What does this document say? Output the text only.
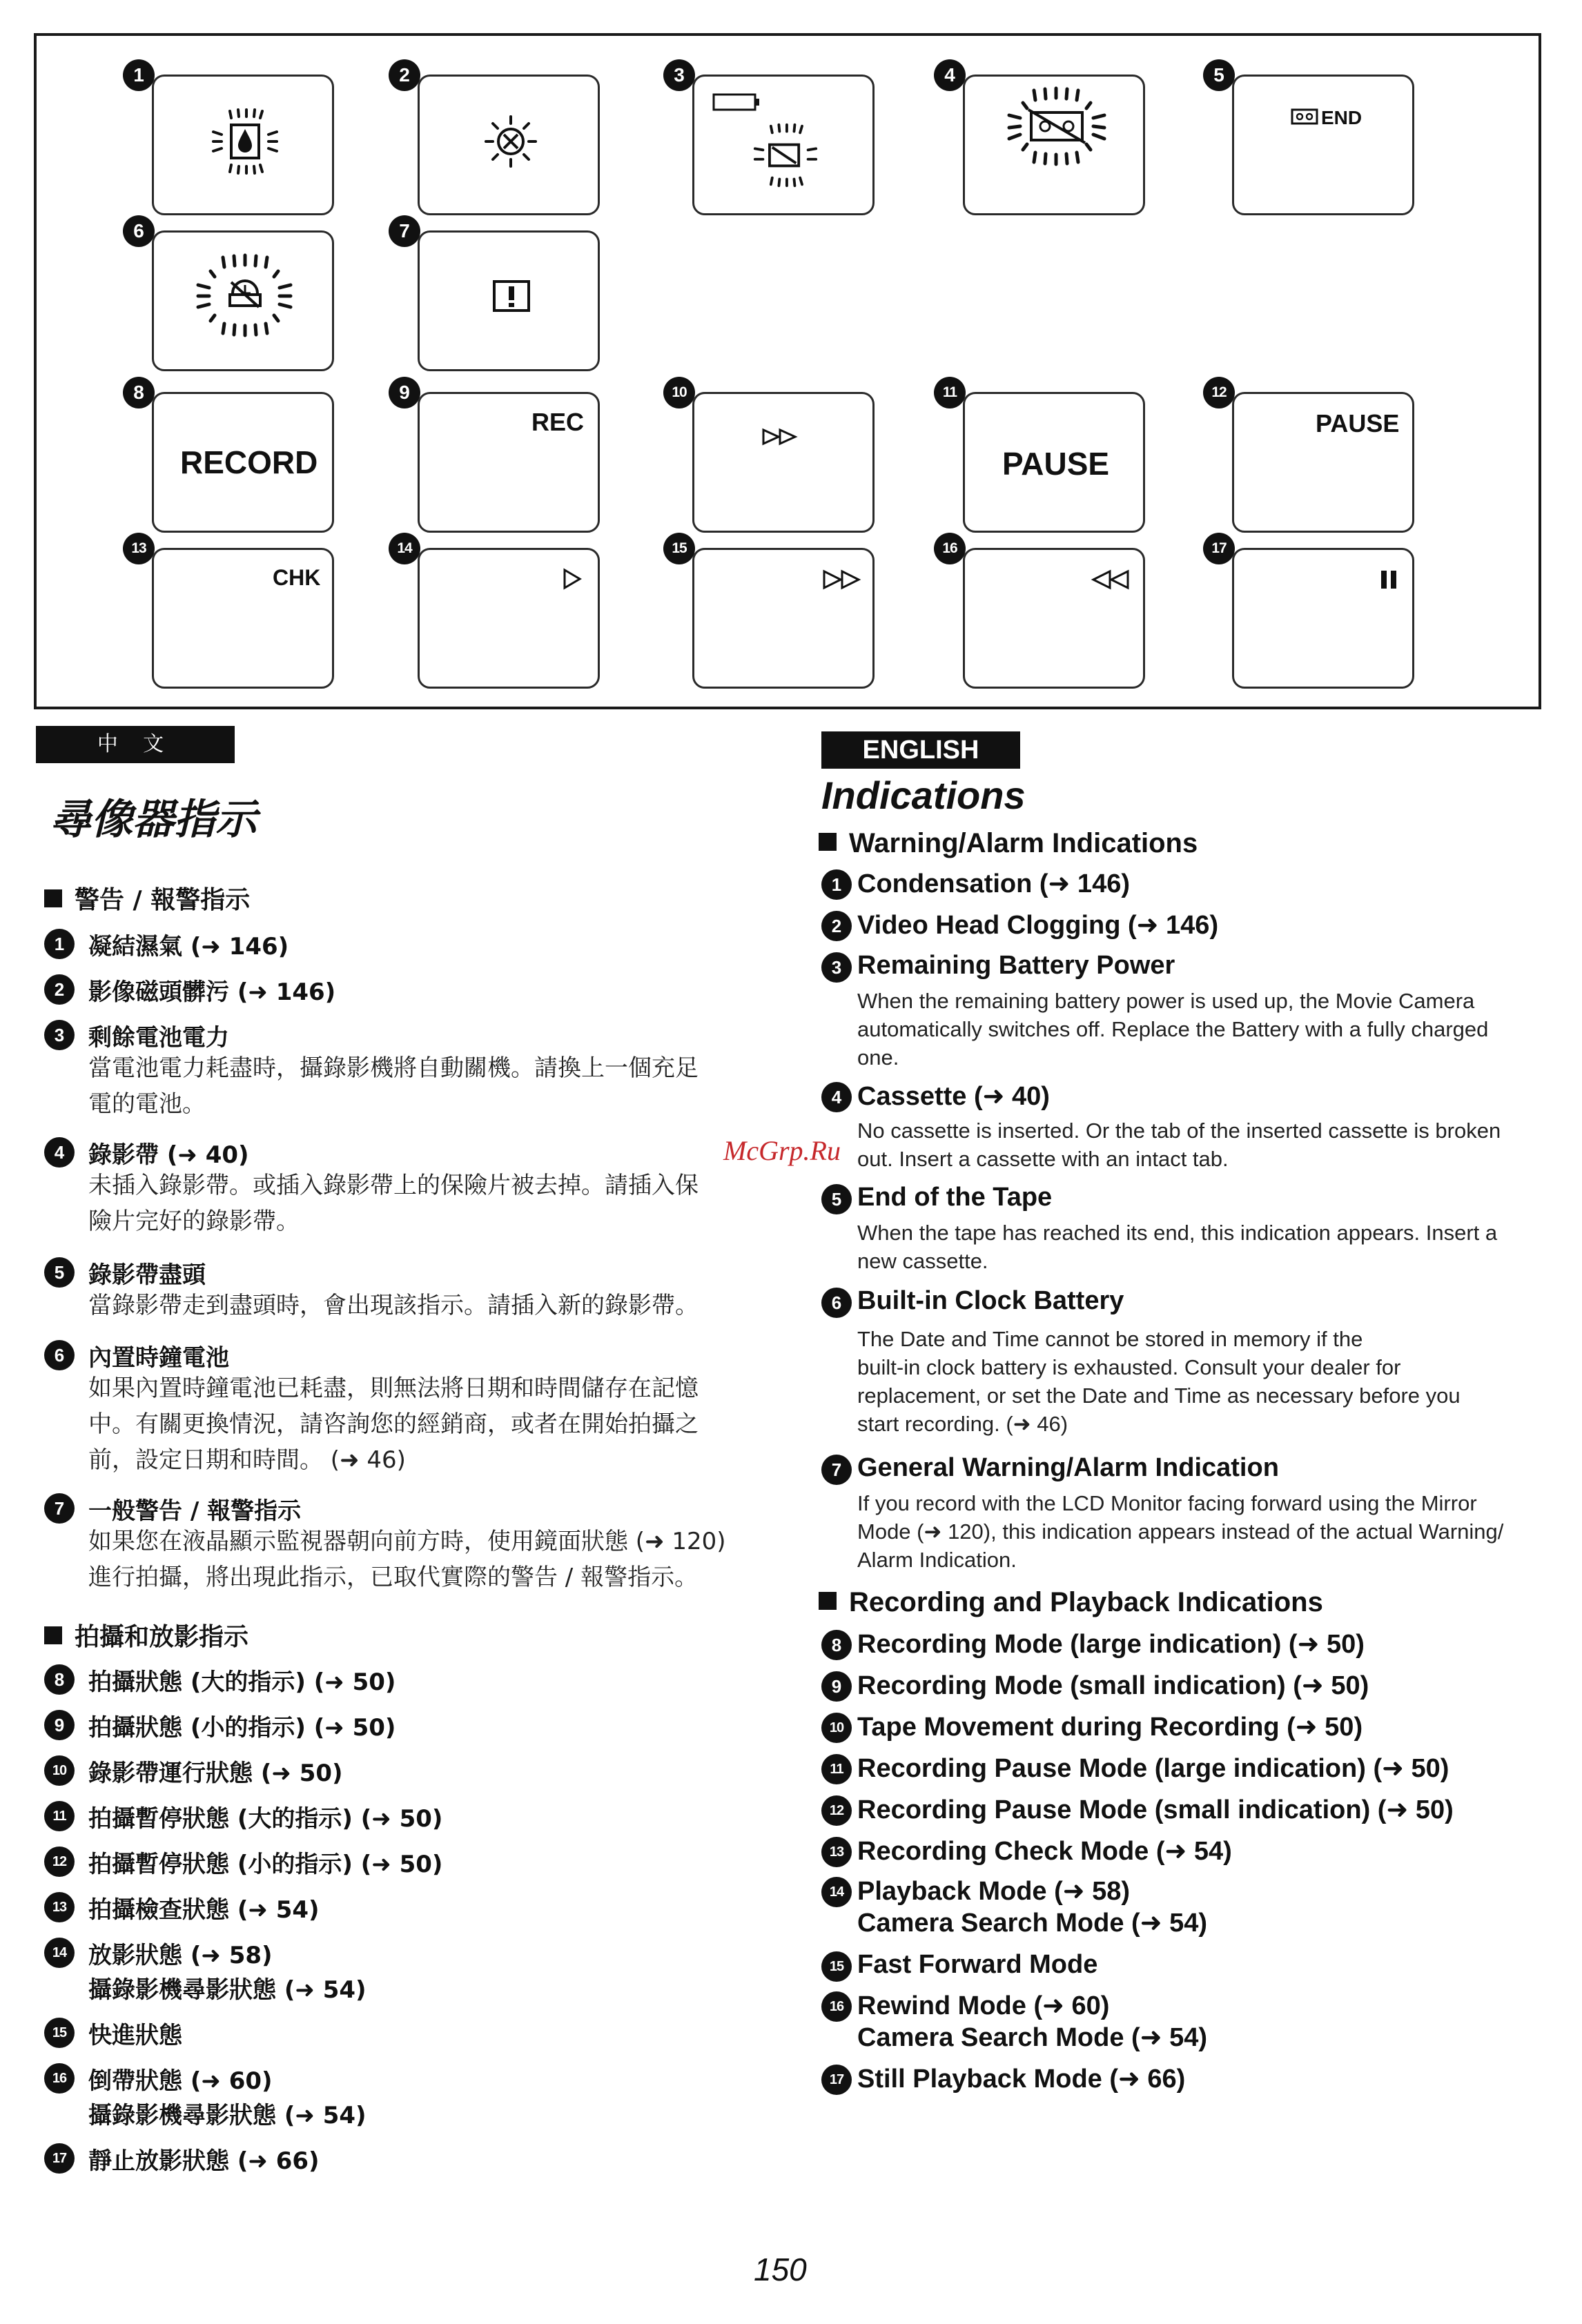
1	2	3	4	5
END
6	7
8
RECORD
9
REC
10	11
PAUSE
12
PAUSE
13
CHK
14	15	16	17
中 文
尋像器指示
警告 / 報警指示
1	凝結濕氣 (➜ 146)
2	影像磁頭髒污 (➜ 146)
3	剩餘電池電力
當電池電力耗盡時，攝錄影機將自動關機。請換上一個充足
電的電池。
4	錄影帶 (➜ 40)
未插入錄影帶。或插入錄影帶上的保險片被去掉。請插入保
險片完好的錄影帶。
5	錄影帶盡頭
當錄影帶走到盡頭時，會出現該指示。請插入新的錄影帶。
6	內置時鐘電池
如果內置時鐘電池已耗盡，則無法將日期和時間儲存在記憶
中。有關更換情況，請咨詢您的經銷商，或者在開始拍攝之
前，設定日期和時間。 (➜ 46)
7	一般警告 / 報警指示
如果您在液晶顯示監視器朝向前方時，使用鏡面狀態 (➜ 120)
進行拍攝，將出現此指示，已取代實際的警告 / 報警指示。
拍攝和放影指示
8	拍攝狀態 (大的指示) (➜ 50)
9	拍攝狀態 (小的指示) (➜ 50)
10 錄影帶運行狀態 (➜ 50)
11 拍攝暫停狀態 (大的指示) (➜ 50)
12 拍攝暫停狀態 (小的指示) (➜ 50)
13 拍攝檢查狀態 (➜ 54)
14 放影狀態 (➜ 58)
攝錄影機尋影狀態 (➜ 54)
15 快進狀態
16 倒帶狀態 (➜ 60)
攝錄影機尋影狀態 (➜ 54)
17 靜止放影狀態 (➜ 66)
ENGLISH
Indications
Warning/Alarm Indications
1 Condensation (➜ 146)
2 Video Head Clogging (➜ 146)
3 Remaining Battery Power
When the remaining battery power is used up, the Movie Camera
automatically switches off. Replace the Battery with a fully charged
one.
4 Cassette (➜ 40)
No cassette is inserted. Or the tab of the inserted cassette is broken
out. Insert a cassette with an intact tab.
5 End of the Tape
When the tape has reached its end, this indication appears. Insert a
new cassette.
6 Built-in Clock Battery
The Date and Time cannot be stored in memory if the
built-in clock battery is exhausted. Consult your dealer for
replacement, or set the Date and Time as necessary before you
start recording. (➜ 46)
7 General Warning/Alarm Indication
If you record with the LCD Monitor facing forward using the Mirror
Mode (➜ 120), this indication appears instead of the actual Warning/
Alarm Indication.
Recording and Playback Indications
8 Recording Mode (large indication) (➜ 50)
9 Recording Mode (small indication) (➜ 50)
10 Tape Movement during Recording (➜ 50)
11 Recording Pause Mode (large indication) (➜ 50)
12 Recording Pause Mode (small indication) (➜ 50)
13 Recording Check Mode (➜ 54)
14 Playback Mode (➜ 58)
Camera Search Mode (➜ 54)
15 Fast Forward Mode
16 Rewind Mode (➜ 60)
Camera Search Mode (➜ 54)
17 Still Playback Mode (➜ 66)
McGrp.Ru
150
